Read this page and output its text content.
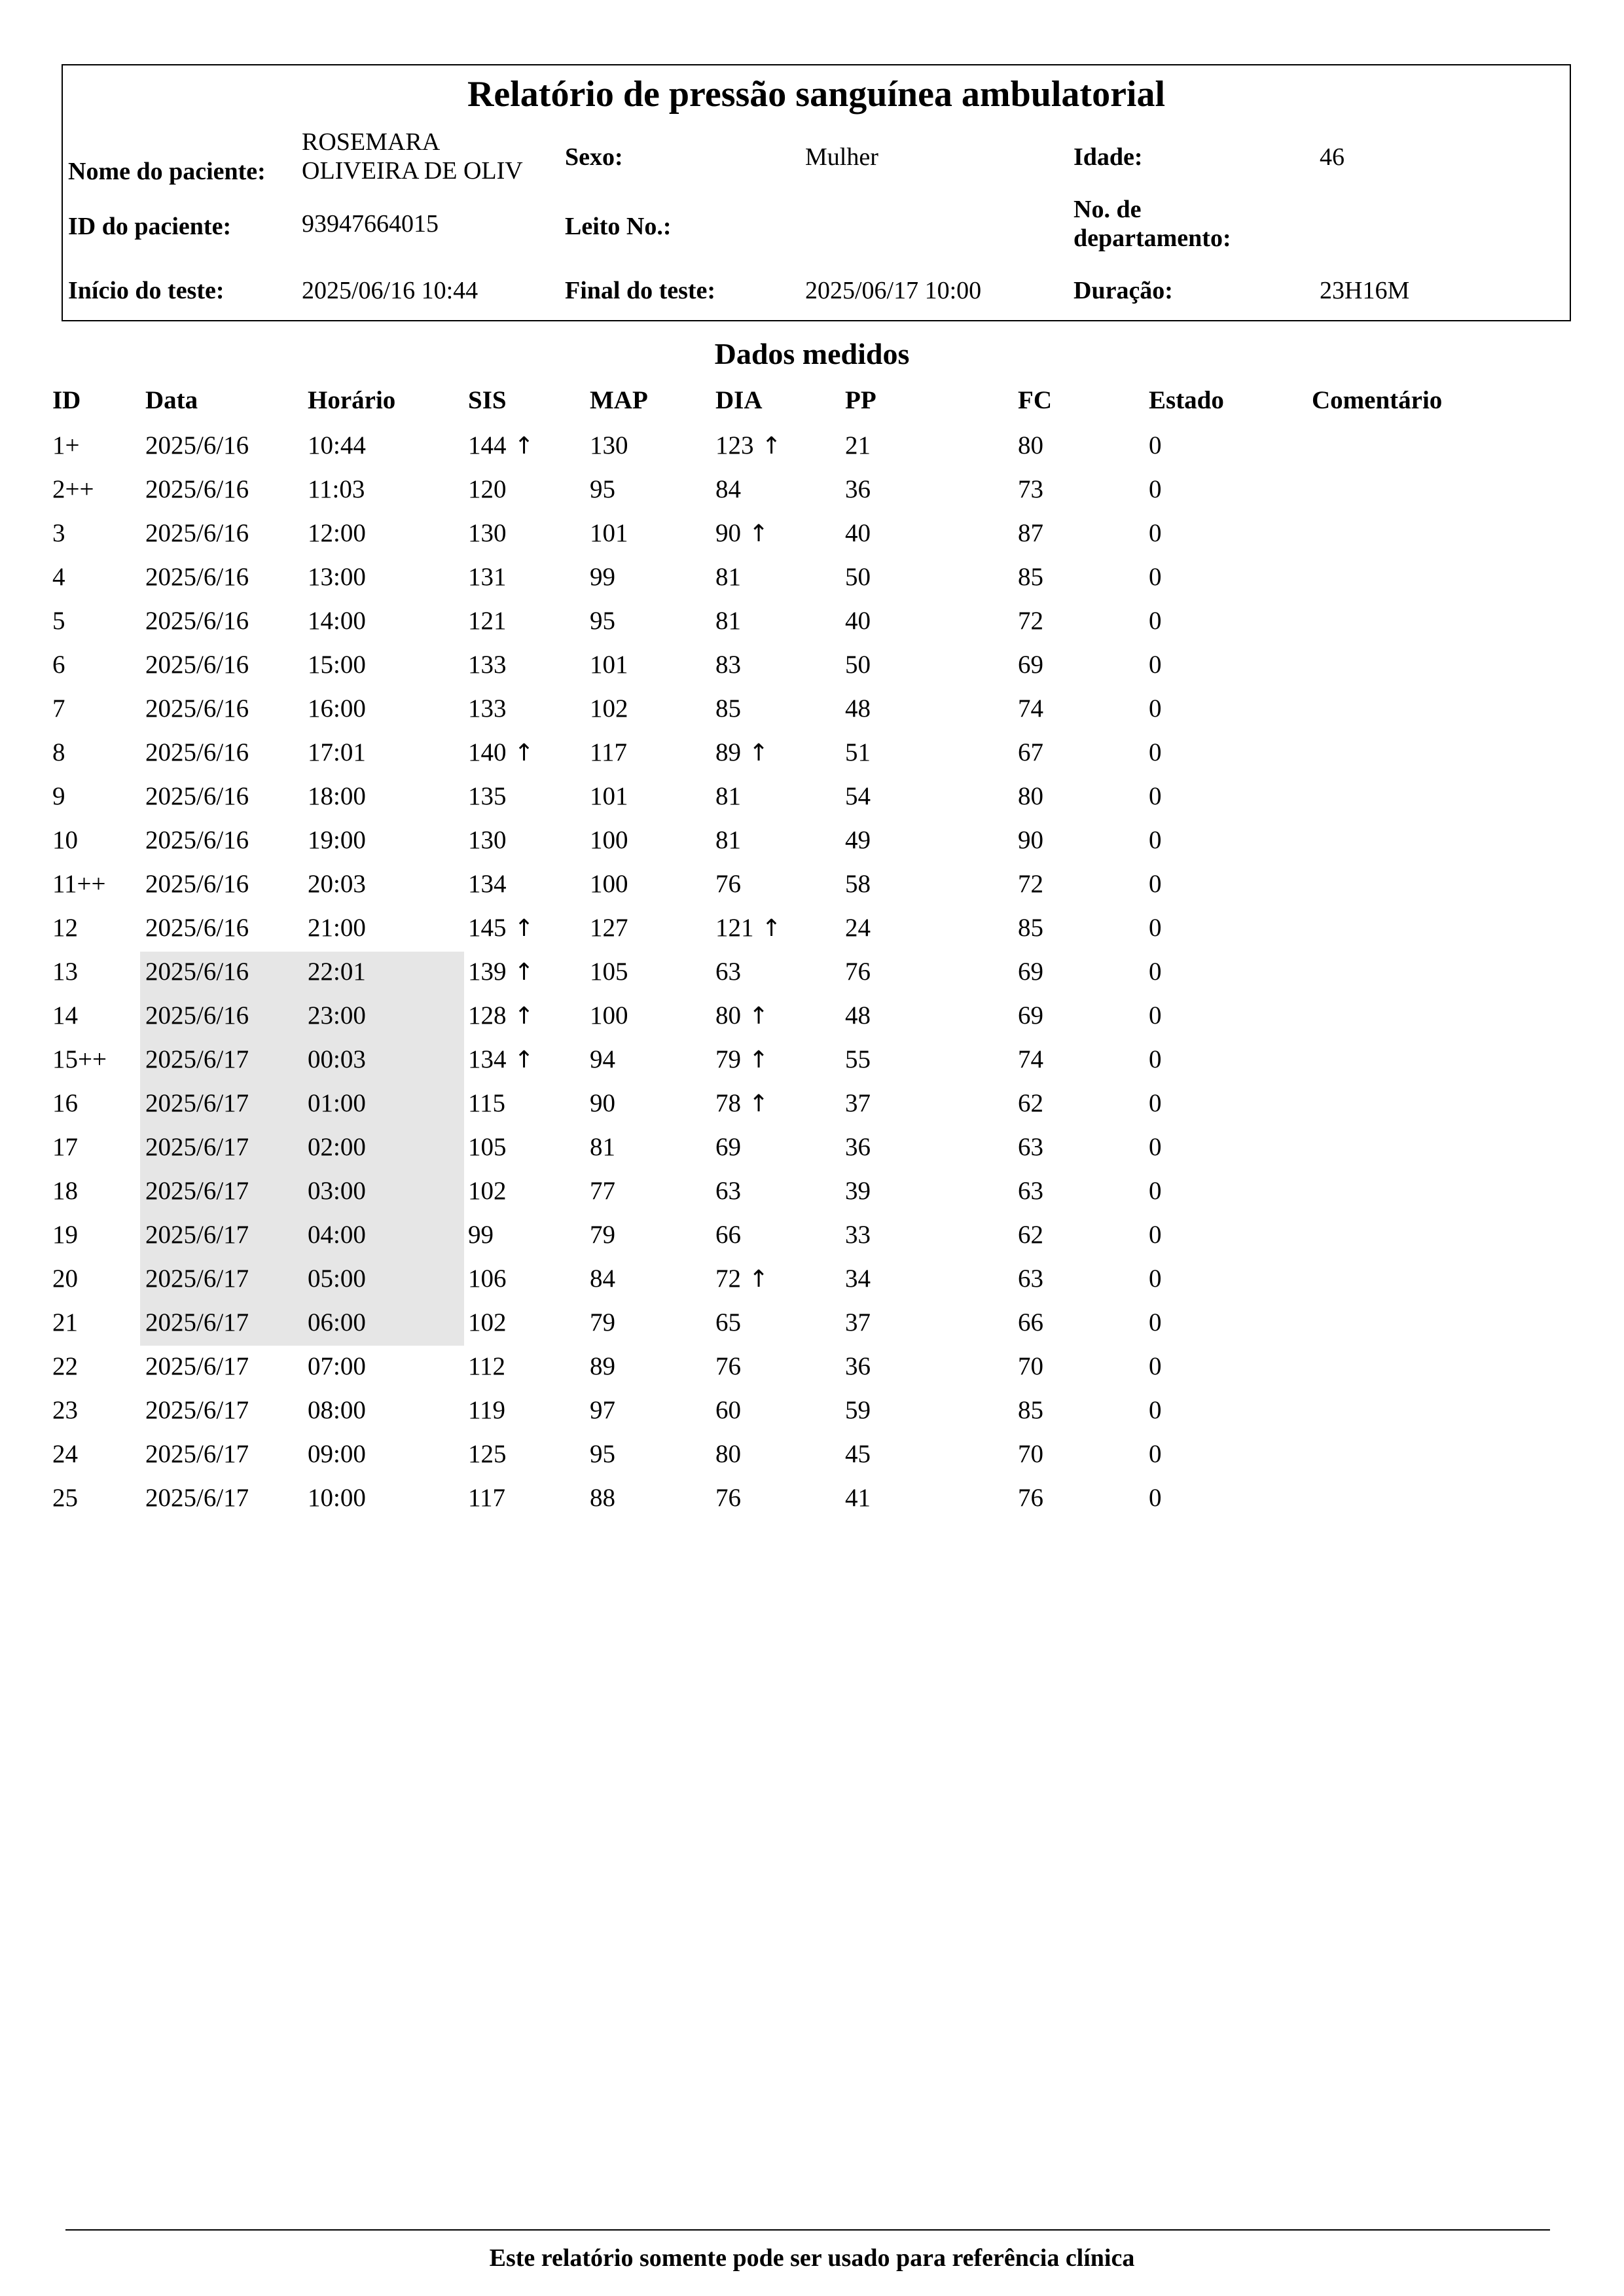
Relatório de pressão sanguínea ambulatorial
Nome do paciente:
ROSEMARA
OLIVEIRA DE OLIV Sexo:	Mulher	Idade:	46
ID do paciente:	93947664015	Leito No.:
No. de
departamento:
Início do teste:	2025/06/16 10:44	Final do teste:	2025/06/17 10:00	Duração:	23H16M
Dados medidos
ID	Data	Horário	SIS	MAP	DIA	PP	FC	Estado	Comentário
1+	2025/6/16 10:44	144 ↑ 130	123 ↑ 21	80	0
2++ 2025/6/16 11:03	120	95	84	36	73	0
3	2025/6/16 12:00	130	101	90 ↑	40	87	0
4	2025/6/16 13:00	131	99	81	50	85	0
5	2025/6/16 14:00	121	95	81	40	72	0
6	2025/6/16 15:00	133	101	83	50	69	0
7	2025/6/16 16:00	133	102	85	48	74	0
8	2025/6/16 17:01	140 ↑ 117	89 ↑	51	67	0
9	2025/6/16 18:00	135	101	81	54	80	0
10	2025/6/16 19:00	130	100	81	49	90	0
11++ 2025/6/16 20:03	134	100	76	58	72	0
12	2025/6/16 21:00	145 ↑ 127	121 ↑ 24	85	0
13	2025/6/16 22:01	139 ↑ 105	63	76	69	0
14	2025/6/16 23:00	128 ↑ 100	80 ↑	48	69	0
15++ 2025/6/17 00:03	134 ↑ 94	79 ↑	55	74	0
16	2025/6/17 01:00	115	90	78 ↑	37	62	0
17	2025/6/17 02:00	105	81	69	36	63	0
18	2025/6/17 03:00	102	77	63	39	63	0
19	2025/6/17 04:00	99	79	66	33	62	0
20	2025/6/17 05:00	106	84	72 ↑	34	63	0
21	2025/6/17 06:00	102	79	65	37	66	0
22	2025/6/17 07:00	112	89	76	36	70	0
23	2025/6/17 08:00	119	97	60	59	85	0
24	2025/6/17 09:00	125	95	80	45	70	0
25	2025/6/17 10:00	117	88	76	41	76	0
Este relatório somente pode ser usado para referência clínica
